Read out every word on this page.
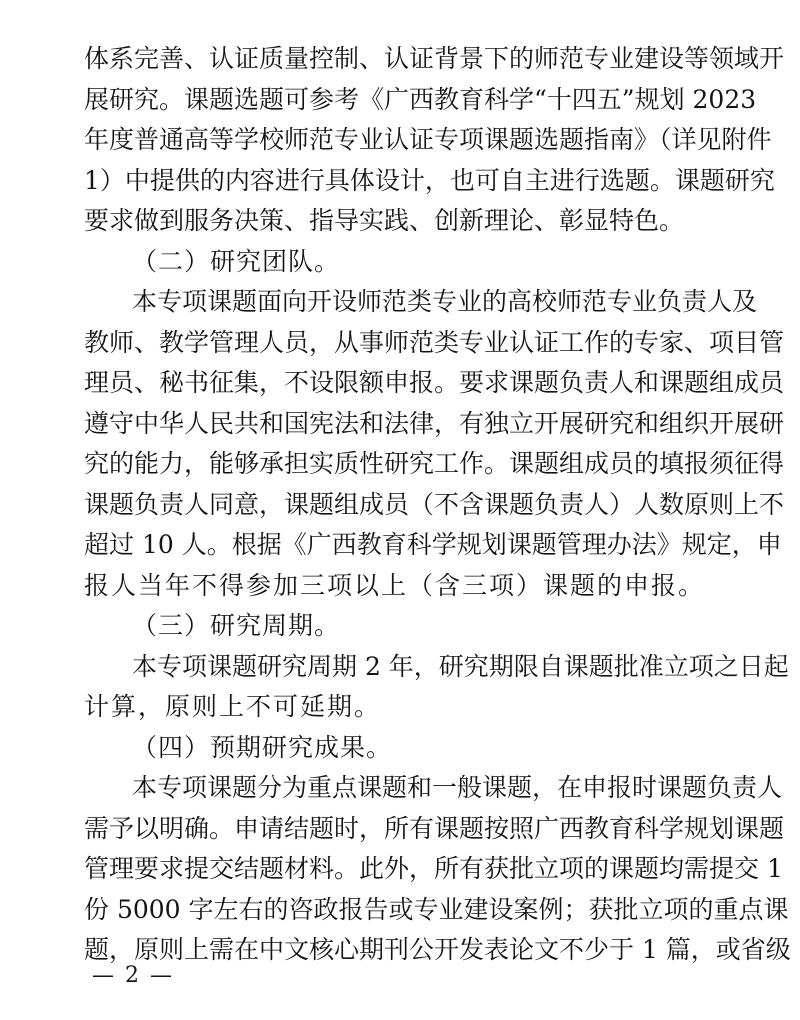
体系完善、认证质量控制、认证背景下的师范专业建设等领域开
展研究。课题选题可参考《广西教育科学“十四五”规划 2023
年度普通高等学校师范专业认证专项课题选题指南》（详见附件
1）中提供的内容进行具体设计，也可自主进行选题。课题研究
要求做到服务决策、指导实践、创新理论、彰显特色。
（二）研究团队。
本专项课题面向开设师范类专业的高校师范专业负责人及
教师、教学管理人员，从事师范类专业认证工作的专家、项目管
理员、秘书征集，不设限额申报。要求课题负责人和课题组成员
遵守中华人民共和国宪法和法律，有独立开展研究和组织开展研
究的能力，能够承担实质性研究工作。课题组成员的填报须征得
课题负责人同意，课题组成员（不含课题负责人）人数原则上不
超过 10 人。根据《广西教育科学规划课题管理办法》规定，申
报人当年不得参加三项以上（含三项）课题的申报。
（三）研究周期。
本专项课题研究周期 2 年，研究期限自课题批准立项之日起
计算，原则上不可延期。
（四）预期研究成果。
本专项课题分为重点课题和一般课题，在申报时课题负责人
需予以明确。申请结题时，所有课题按照广西教育科学规划课题
管理要求提交结题材料。此外，所有获批立项的课题均需提交 1
份 5000 字左右的咨政报告或专业建设案例；获批立项的重点课
题，原则上需在中文核心期刊公开发表论文不少于 1 篇，或省级
— 2 —
